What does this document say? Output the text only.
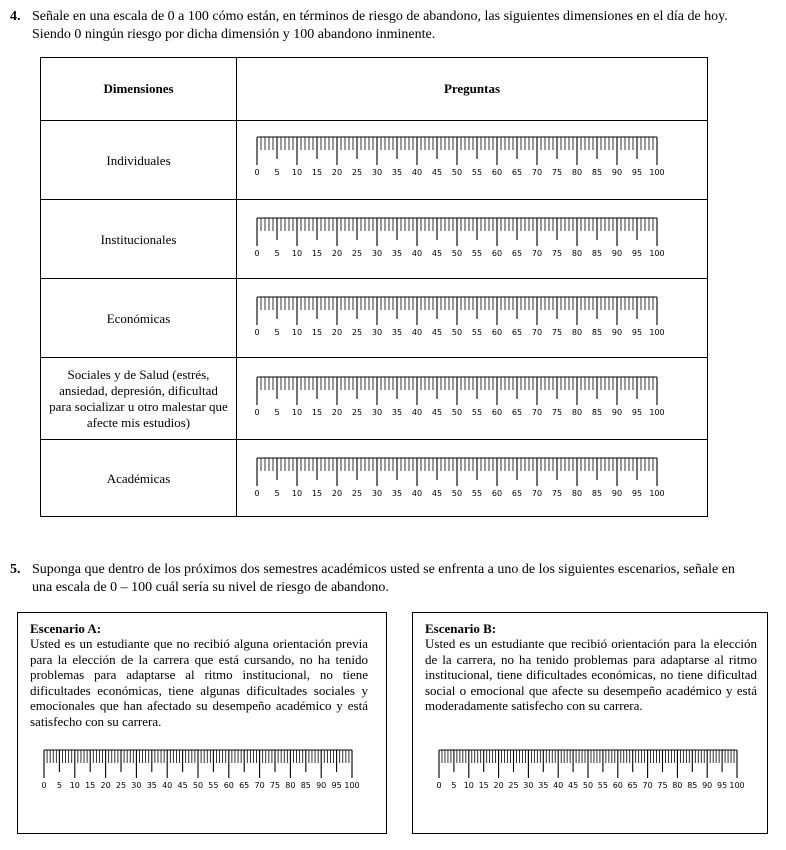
4. Señale en una escala de 0 a 100 cómo están, en términos de riesgo de abandono, las siguientes dimensiones en el día de hoy. Siendo 0 ningún riesgo por dicha dimensión y 100 abandono inminente.
Dimensiones	Preguntas
Individuales
0 5 10 15 20 25 30 35 40 45 50 55 60 65 70 75 80 85 90 95 100
Institucionales
0 5 10 15 20 25 30 35 40 45 50 55 60 65 70 75 80 85 90 95 100
Económicas
0 5 10 15 20 25 30 35 40 45 50 55 60 65 70 75 80 85 90 95 100
Sociales y de Salud (estrés, ansiedad, depresión, dificultad para socializar u otro malestar que afecte mis estudios)
0 5 10 15 20 25 30 35 40 45 50 55 60 65 70 75 80 85 90 95 100
Académicas
0 5 10 15 20 25 30 35 40 45 50 55 60 65 70 75 80 85 90 95 100
5. Suponga que dentro de los próximos dos semestres académicos usted se enfrenta a uno de los siguientes escenarios, señale en una escala de 0 – 100 cuál sería su nivel de riesgo de abandono.
Escenario A:
Usted es un estudiante que no recibió alguna orientación previa para la elección de la carrera que está cursando, no ha tenido problemas para adaptarse al ritmo institucional, no tiene dificultades económicas, tiene algunas dificultades sociales y emocionales que han afectado su desempeño académico y está satisfecho con su carrera.
0 5 10 15 20 25 30 35 40 45 50 55 60 65 70 75 80 85 90 95 100
Escenario B:
Usted es un estudiante que recibió orientación para la elección de la carrera, no ha tenido problemas para adaptarse al ritmo institucional, tiene dificultades económicas, no tiene dificultad social o emocional que afecte su desempeño académico y está moderadamente satisfecho con su carrera.
0 5 10 15 20 25 30 35 40 45 50 55 60 65 70 75 80 85 90 95 100
